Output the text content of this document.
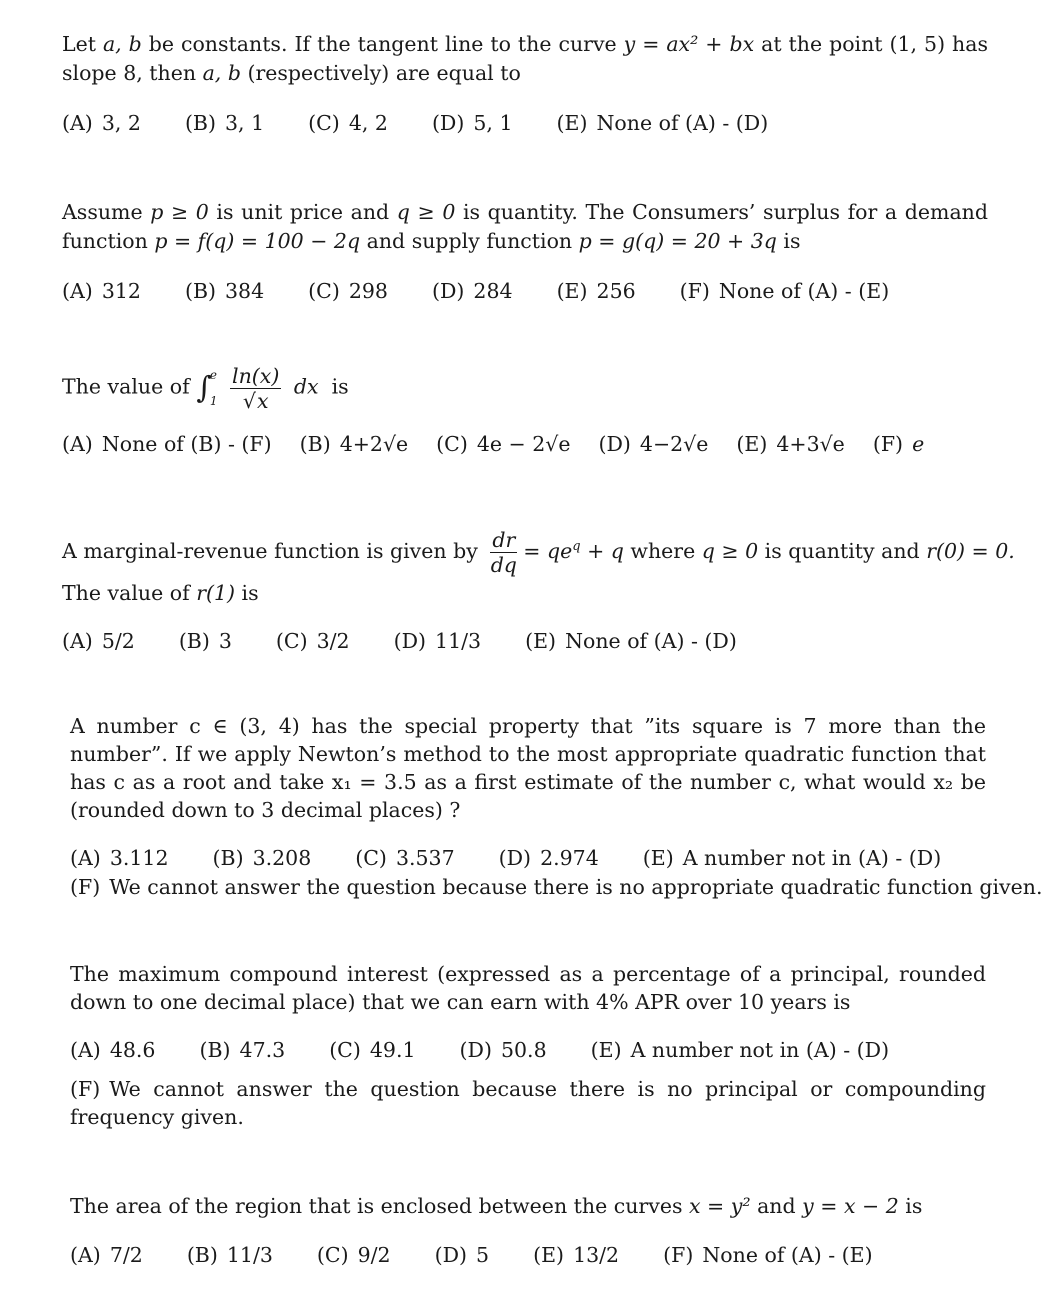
Let a, b be constants. If the tangent line to the curve y = ax² + bx at the point (1, 5) has slope 8, then a, b (respectively) are equal to

(A) 3, 2 (B) 3, 1 (C) 4, 2 (D) 5, 1 (E) None of (A) - (D)

Assume p ≥ 0 is unit price and q ≥ 0 is quantity. The Consumers’ surplus for a demand function p = f(q) = 100 − 2q and supply function p = g(q) = 20 + 3q is

(A) 312 (B) 384 (C) 298 (D) 284 (E) 256 (F) None of (A) - (E)

The value of ∫
e
1
$\frac{\ln(x)}{√x}$ dx is

(A) None of (B) - (F) (B) 4+2√e (C) 4e − 2√e (D) 4−2√e (E) 4+3√e (F) e

A marginal-revenue function is given by $\frac{dr}{dq} = qe^q + q$ where q ≥ 0 is quantity and r(0) = 0.

The value of r(1) is

(A) 5/2 (B) 3 (C) 3/2 (D) 11/3 (E) None of (A) - (D)

A number c ∈ (3, 4) has the special property that ”its square is 7 more than the number”. If we apply Newton’s method to the most appropriate quadratic function that has c as a root and take x₁ = 3.5 as a first estimate of the number c, what would x₂ be (rounded down to 3 decimal places) ?

(A) 3.112 (B) 3.208 (C) 3.537 (D) 2.974 (E) A number not in (A) - (D)

(F) We cannot answer the question because there is no appropriate quadratic function given.

The maximum compound interest (expressed as a percentage of a principal, rounded down to one decimal place) that we can earn with 4% APR over 10 years is

(A) 48.6 (B) 47.3 (C) 49.1 (D) 50.8 (E) A number not in (A) - (D)

(F) We cannot answer the question because there is no principal or compounding frequency given.

The area of the region that is enclosed between the curves x = y² and y = x − 2 is

(A) 7/2 (B) 11/3 (C) 9/2 (D) 5 (E) 13/2 (F) None of (A) - (E)
